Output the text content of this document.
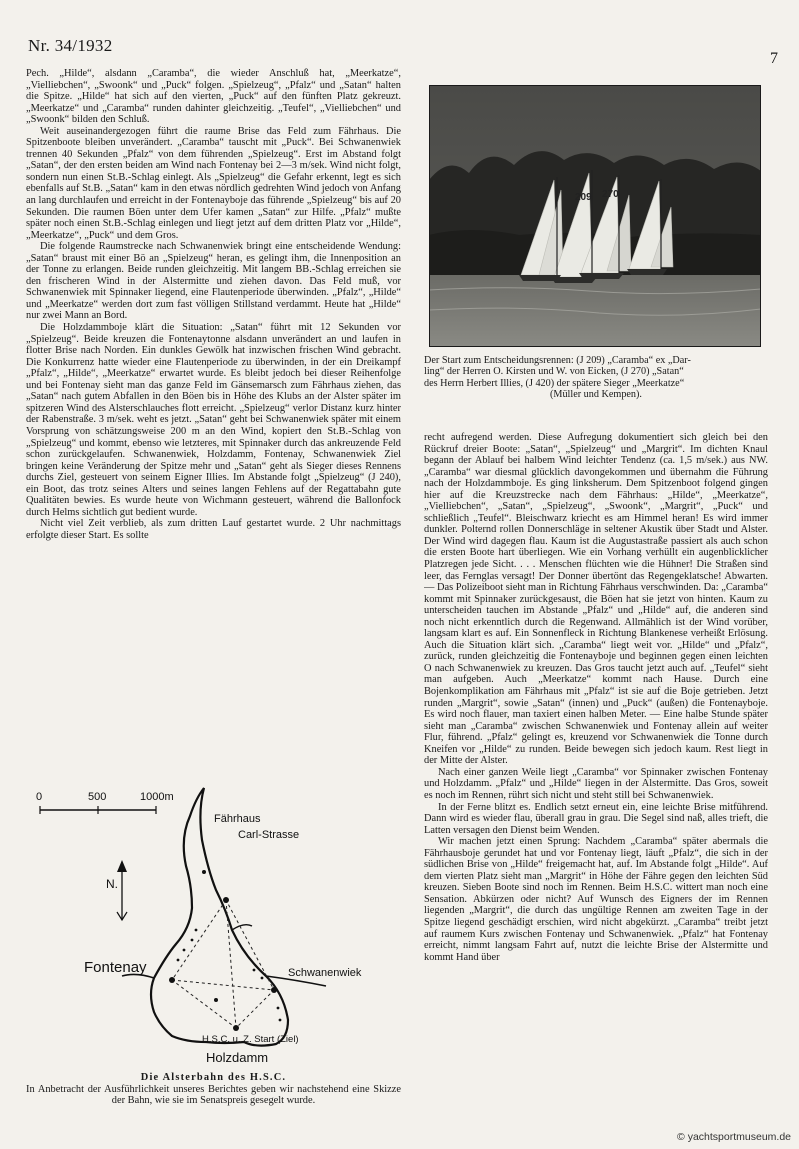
Nr. 34/1932
7

Pech. „Hilde“, alsdann „Caramba“, die wieder Anschluß hat, „Meerkatze“, „Vielliebchen“, „Swoonk“ und „Puck“ folgen. „Spielzeug“, „Pfalz“ und „Satan“ halten die Spitze. „Hilde“ hat sich auf den vierten, „Puck“ auf den fünften Platz gekreuzt. „Meerkatze“ und „Caramba“ runden dahinter gleichzeitig. „Teufel“, „Vielliebchen“ und „Swoonk“ bilden den Schluß.

Weit auseinandergezogen führt die raume Brise das Feld zum Fährhaus. Die Spitzenboote bleiben unverändert. „Caramba“ tauscht mit „Puck“. Bei Schwanenwiek trennen 40 Sekunden „Pfalz“ von dem führenden „Spielzeug“. Erst im Abstand folgt „Satan“, der den ersten beiden am Wind nach Fontenay bei 2—3 m/sek. Wind nicht folgt, sondern nun einen St.B.-Schlag einlegt. Als „Spielzeug“ die Gefahr erkennt, legt es sich ebenfalls auf St.B. „Satan“ kam in den etwas nördlich gedrehten Wind jedoch von Anfang an lang durchlaufen und erreicht in der Fontenayboje das führende „Spielzeug“ bis auf 20 Sekunden. Die raumen Böen unter dem Ufer kamen „Satan“ zur Hilfe. „Pfalz“ mußte später noch einen St.B.-Schlag einlegen und liegt jetzt auf dem dritten Platz vor „Hilde“, „Meerkatze“, „Puck“ und dem Gros.

Die folgende Raumstrecke nach Schwanenwiek bringt eine entscheidende Wendung: „Satan“ braust mit einer Bö an „Spielzeug“ heran, es gelingt ihm, die Innenposition an der Tonne zu erlangen. Beide runden gleichzeitig. Mit langem BB.-Schlag erreichen sie den frischeren Wind in der Alstermitte und ziehen davon. Das Feld muß, vor Schwanenwiek mit Spinnaker liegend, eine Flautenperiode überwinden. „Pfalz“, „Hilde“ und „Meerkatze“ werden dort zum fast völligen Stillstand verdammt. Heute hat „Hilde“ nur zwei Mann an Bord.

Die Holzdammboje klärt die Situation: „Satan“ führt mit 12 Sekunden vor „Spielzeug“. Beide kreuzen die Fontenaytonne alsdann unverändert an und laufen in flotter Brise nach Norden. Ein dunkles Gewölk hat inzwischen frischen Wind gebracht. Die Konkurrenz hatte wieder eine Flautenperiode zu überwinden, in der ein Dreikampf „Pfalz“, „Hilde“, „Meerkatze“ erwartet wurde. Es bleibt jedoch bei dieser Reihenfolge und bei Fontenay sieht man das ganze Feld im Gänsemarsch zum Fährhaus ziehen, das „Satan“ nach gutem Abfallen in den Böen bis in Höhe des Klubs an der Alster später im spitzeren Wind des Alsterschlauches flott erreicht. „Spielzeug“ verlor Distanz kurz hinter der Rabenstraße. 3 m/sek. weht es jetzt. „Satan“ geht bei Schwanenwiek später mit einem Vorsprung von schätzungsweise 200 m an den Wind, kopiert den St.B.-Schlag von „Spielzeug“ und kommt, ebenso wie letzteres, mit Spinnaker durch das ankreuzende Feld schon zurückgelaufen. Schwanenwiek, Holzdamm, Fontenay, Schwanenwiek Ziel bringen keine Veränderung der Spitze mehr und „Satan“ geht als Sieger dieses Rennens durchs Ziel, gesteuert von seinem Eigner Illies. Im Abstande folgt „Spielzeug“ (J 240), ein Boot, das trotz seines Alters und seines langen Fehlens auf der Regattabahn gute Qualitäten bewies. Es wurde heute von Wichmann gesteuert, während die Ballonfock durch Helms sichtlich gut bedient wurde.

Nicht viel Zeit verblieb, als zum dritten Lauf gestartet wurde. 2 Uhr nachmittags erfolgte dieser Start. Es sollte

209 270
Der Start zum Entscheidungsrennen: (J 209) „Caramba“ ex „Dar-
ling“ der Herren O. Kirsten und W. von Eicken, (J 270) „Satan“
des Herrn Herbert Illies, (J 420) der spätere Sieger „Meerkatze“
(Müller und Kempen).

recht aufregend werden. Diese Aufregung dokumentiert sich gleich bei den Rückruf dreier Boote: „Satan“, „Spielzeug“ und „Margrit“. Im dichten Knaul begann der Ablauf bei halbem Wind leichter Tendenz (ca. 1,5 m/sek.) aus NW. „Caramba“ war diesmal glücklich davongekommen und übernahm die Führung nach der Holzdammboje. Es ging linksherum. Dem Spitzenboot folgend gingen hier auf die Kreuzstrecke nach dem Fährhaus: „Hilde“, „Meerkatze“, „Vielliebchen“, „Satan“, „Spielzeug“, „Swoonk“, „Margrit“, „Puck“ und schließlich „Teufel“. Bleischwarz kriecht es am Himmel heran! Es wird immer dunkler. Polternd rollen Donnerschläge in seltener Akustik über Stadt und Alster. Der Wind wird dagegen flau. Kaum ist die Augustastraße passiert als auch schon die ersten Boote hart überliegen. Wie ein Vorhang verhüllt ein augenblicklicher Platzregen jede Sicht. . . . Menschen flüchten wie die Hühner! Die Straßen sind leer, das Fernglas versagt! Der Donner übertönt das Regengeklatsche! Abwarten. — Das Polizeiboot sieht man in Richtung Fährhaus verschwinden. Da: „Caramba“ kommt mit Spinnaker zurückgesaust, die Böen hat sie jetzt von hinten. Kaum zu unterscheiden tauchen im Abstande „Pfalz“ und „Hilde“ auf, die anderen sind noch nicht erkenntlich durch die Regenwand. Allmählich ist der Wind vorüber, langsam klart es auf. Ein Sonnenfleck in Richtung Blankenese verheißt Erlösung. Auch die Situation klärt sich. „Caramba“ liegt weit vor. „Hilde“ und „Pfalz“, zurück, runden gleichzeitig die Fontenayboje und beginnen gegen einen leichten O nach Schwanenwiek zu kreuzen. Das Gros taucht jetzt auch auf. „Teufel“ sieht man aufgeben. Auch „Meerkatze“ kommt nach Hause. Durch eine Bojenkomplikation am Fährhaus mit „Pfalz“ ist sie auf die Boje getrieben. Jetzt runden „Margrit“, sowie „Satan“ (innen) und „Puck“ (außen) die Fontenayboje. Es wird noch flauer, man taxiert einen halben Meter. — Eine halbe Stunde später sieht man „Caramba“ zwischen Schwanenwiek und Fontenay allein auf weiter Flur, führend. „Pfalz“ gelingt es, kreuzend vor Schwanenwiek die Tonne durch Kneifen vor „Hilde“ zu runden. Beide bewegen sich jedoch kaum. Rest liegt in der Mitte der Alster.

Nach einer ganzen Weile liegt „Caramba“ vor Spinnaker zwischen Fontenay und Holzdamm. „Pfalz“ und „Hilde“ liegen in der Alstermitte. Das Gros, soweit es noch im Rennen, rührt sich nicht und steht still bei Schwanenwiek.

In der Ferne blitzt es. Endlich setzt erneut ein, eine leichte Brise mitführend. Dann wird es wieder flau, überall grau in grau. Die Segel sind naß, alles trieft, die Latten versagen den Dienst beim Wenden.

Wir machen jetzt einen Sprung: Nachdem „Caramba“ später abermals die Fährhausboje gerundet hat und vor Fontenay liegt, läuft „Pfalz“, die sich in der südlichen Brise von „Hilde“ freigemacht hat, auf. Im Abstande folgt „Hilde“. Auf dem vierten Platz sieht man „Margrit“ in Höhe der Fähre gegen den leichten Süd kreuzen. Sieben Boote sind noch im Rennen. Beim H.S.C. wittert man noch eine Sensation. Abkürzen oder nicht? Auf Wunsch des Eigners der im Rennen liegenden „Margrit“, die durch das ungültige Rennen am zweiten Tage in der Spitze liegend geschädigt erschien, wird nicht abgekürzt. „Caramba“ treibt jetzt auf raumem Kurs zwischen Fontenay und Schwanenwiek. „Pfalz“ hat Fontenay erreicht, nimmt langsam Fahrt auf, nutzt die leichte Brise der Alstermitte und kommt Hand über

0	500	1000m
N.
Fährhaus
Carl-Strasse
Schwanenwiek
Fontenay
Holzdamm
H.S.C. u. Z. Start (Ziel)
Die Alsterbahn des H.S.C.
In Anbetracht der Ausführlichkeit unseres Berichtes geben wir nachstehend eine Skizze der Bahn, wie sie im Senatspreis gesegelt wurde.
© yachtsportmuseum.de
